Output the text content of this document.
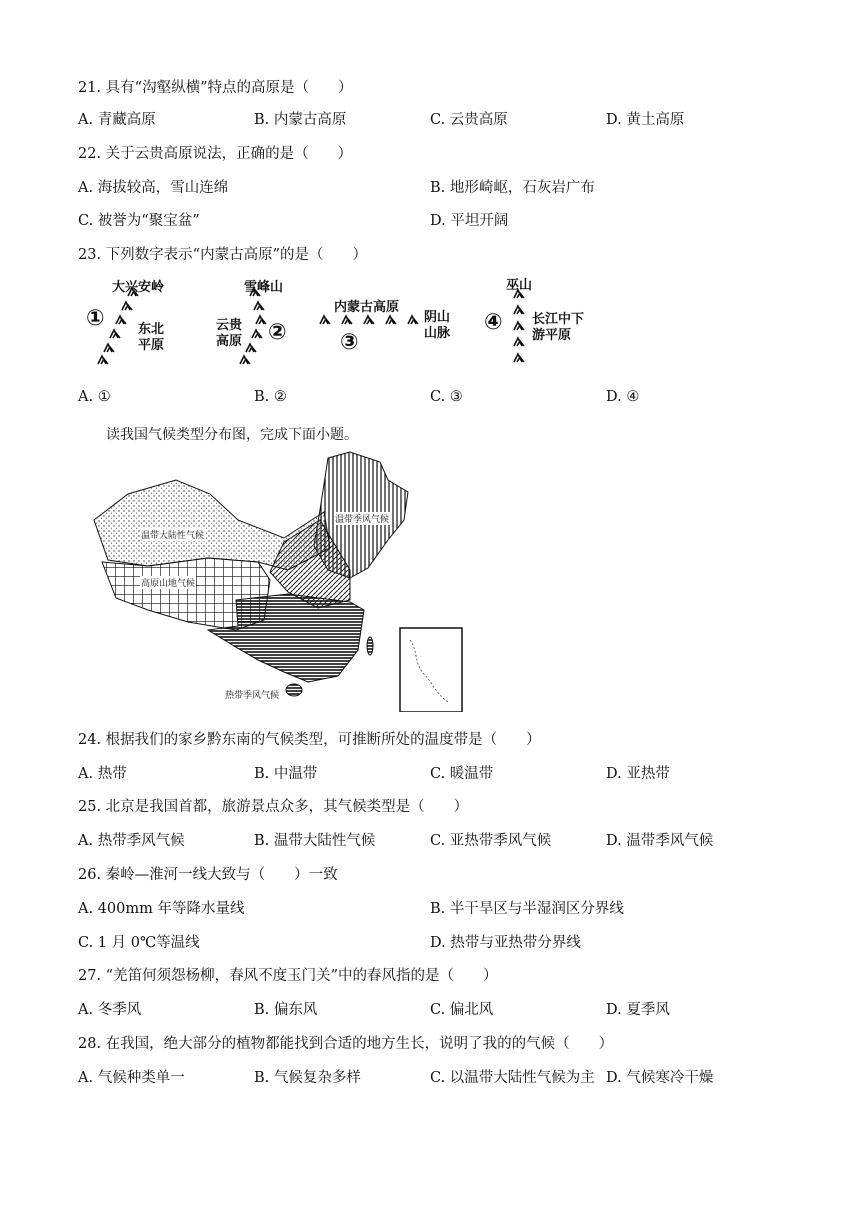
21. 具有“沟壑纵横”特点的高原是（　　）
A. 青藏高原	B. 内蒙古高原	C. 云贵高原	D. 黄土高原
22. 关于云贵高原说法，正确的是（　　）
A. 海拔较高，雪山连绵	B. 地形崎岖，石灰岩广布
C. 被誉为“聚宝盆”	D. 平坦开阔
23. 下列数字表示“内蒙古高原”的是（　　）
大兴安岭
①	东北
平原
雪峰山
云贵
高原 ②
内蒙古高原
阴山
山脉
③
巫山
④ 长江中下
游平原
A. ①	B. ②	C. ③	D. ④
读我国气候类型分布图，完成下面小题。
温带季风气候
温带大陆性气候
高原山地气候
热带季风气候
24. 根据我们的家乡黔东南的气候类型，可推断所处的温度带是（　　）
A. 热带	B. 中温带	C. 暖温带	D. 亚热带
25. 北京是我国首都，旅游景点众多，其气候类型是（　　）
A. 热带季风气候	B. 温带大陆性气候	C. 亚热带季风气候	D. 温带季风气候
26. 秦岭—淮河一线大致与（　　）一致
A. 400mm 年等降水量线	B. 半干旱区与半湿润区分界线
C. 1 月 0℃等温线	D. 热带与亚热带分界线
27. “羌笛何须怨杨柳，春风不度玉门关”中的春风指的是（　　）
A. 冬季风	B. 偏东风	C. 偏北风	D. 夏季风
28. 在我国，绝大部分的植物都能找到合适的地方生长，说明了我的的气候（　　）
A. 气候种类单一	B. 气候复杂多样	C. 以温带大陆性气候为主 D. 气候寒冷干燥
